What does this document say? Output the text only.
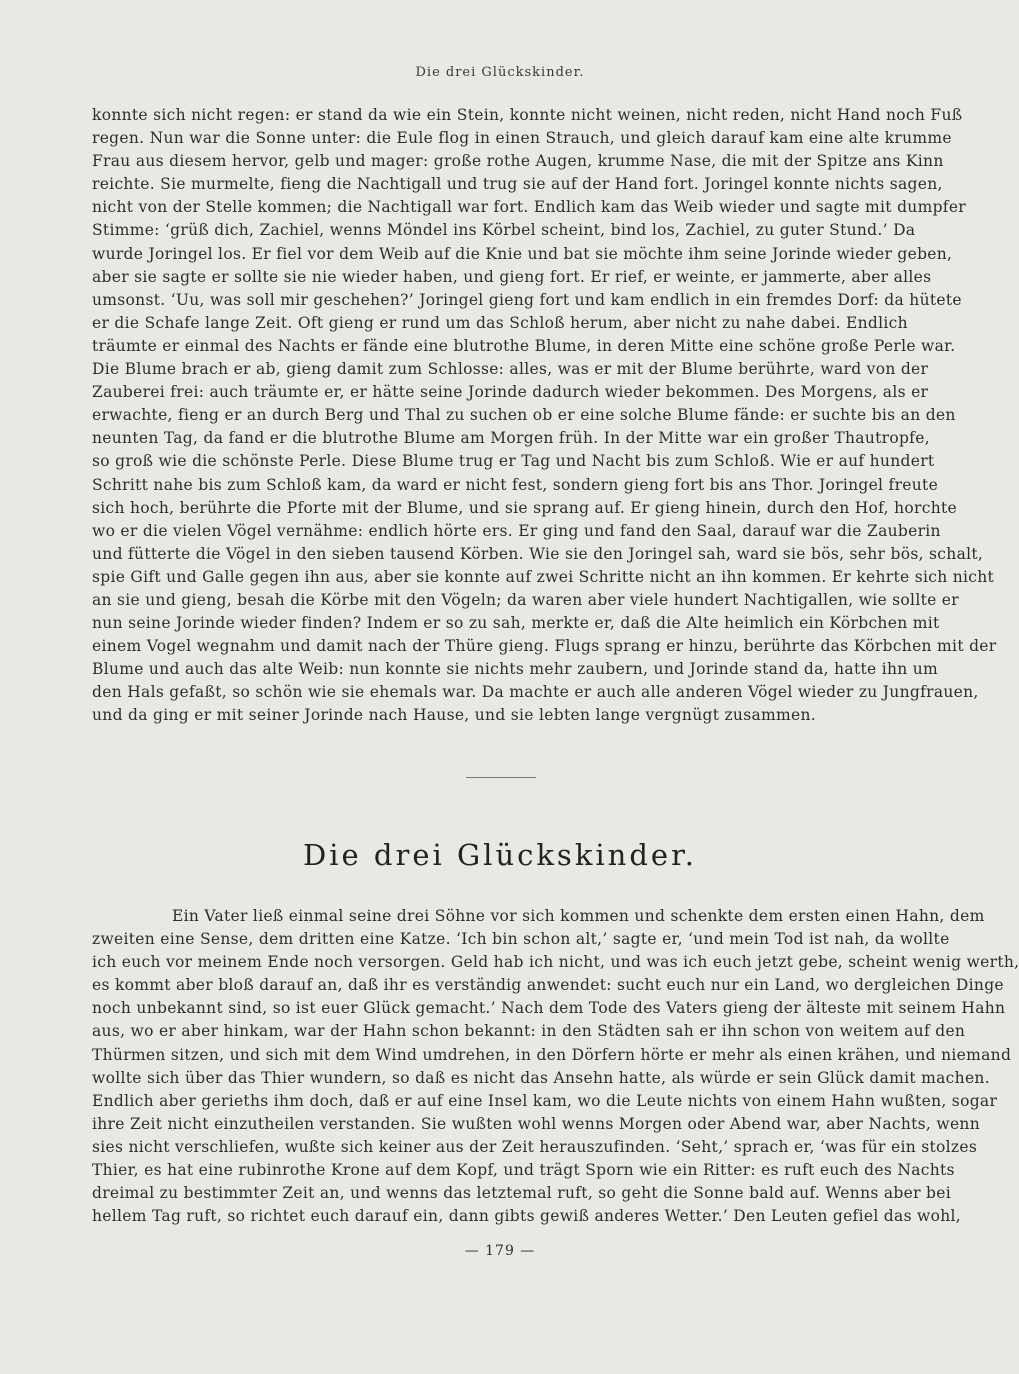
Die drei Glückskinder.
konnte sich nicht regen: er stand da wie ein Stein, konnte nicht weinen, nicht reden, nicht Hand noch Fuß
regen. Nun war die Sonne unter: die Eule flog in einen Strauch, und gleich darauf kam eine alte krumme
Frau aus diesem hervor, gelb und mager: große rothe Augen, krumme Nase, die mit der Spitze ans Kinn
reichte. Sie murmelte, fieng die Nachtigall und trug sie auf der Hand fort. Joringel konnte nichts sagen,
nicht von der Stelle kommen; die Nachtigall war fort. Endlich kam das Weib wieder und sagte mit dumpfer
Stimme: ‘grüß dich, Zachiel, wenns Möndel ins Körbel scheint, bind los, Zachiel, zu guter Stund.’ Da
wurde Joringel los. Er fiel vor dem Weib auf die Knie und bat sie möchte ihm seine Jorinde wieder geben,
aber sie sagte er sollte sie nie wieder haben, und gieng fort. Er rief, er weinte, er jammerte, aber alles
umsonst. ‘Uu, was soll mir geschehen?’ Joringel gieng fort und kam endlich in ein fremdes Dorf: da hütete
er die Schafe lange Zeit. Oft gieng er rund um das Schloß herum, aber nicht zu nahe dabei. Endlich
träumte er einmal des Nachts er fände eine blutrothe Blume, in deren Mitte eine schöne große Perle war.
Die Blume brach er ab, gieng damit zum Schlosse: alles, was er mit der Blume berührte, ward von der
Zauberei frei: auch träumte er, er hätte seine Jorinde dadurch wieder bekommen. Des Morgens, als er
erwachte, fieng er an durch Berg und Thal zu suchen ob er eine solche Blume fände: er suchte bis an den
neunten Tag, da fand er die blutrothe Blume am Morgen früh. In der Mitte war ein großer Thautropfe,
so groß wie die schönste Perle. Diese Blume trug er Tag und Nacht bis zum Schloß. Wie er auf hundert
Schritt nahe bis zum Schloß kam, da ward er nicht fest, sondern gieng fort bis ans Thor. Joringel freute
sich hoch, berührte die Pforte mit der Blume, und sie sprang auf. Er gieng hinein, durch den Hof, horchte
wo er die vielen Vögel vernähme: endlich hörte ers. Er ging und fand den Saal, darauf war die Zauberin
und fütterte die Vögel in den sieben tausend Körben. Wie sie den Joringel sah, ward sie bös, sehr bös, schalt,
spie Gift und Galle gegen ihn aus, aber sie konnte auf zwei Schritte nicht an ihn kommen. Er kehrte sich nicht
an sie und gieng, besah die Körbe mit den Vögeln; da waren aber viele hundert Nachtigallen, wie sollte er
nun seine Jorinde wieder finden? Indem er so zu sah, merkte er, daß die Alte heimlich ein Körbchen mit
einem Vogel wegnahm und damit nach der Thüre gieng. Flugs sprang er hinzu, berührte das Körbchen mit der
Blume und auch das alte Weib: nun konnte sie nichts mehr zaubern, und Jorinde stand da, hatte ihn um
den Hals gefaßt, so schön wie sie ehemals war. Da machte er auch alle anderen Vögel wieder zu Jungfrauen,
und da ging er mit seiner Jorinde nach Hause, und sie lebten lange vergnügt zusammen.
Die drei Glückskinder.
Ein Vater ließ einmal seine drei Söhne vor sich kommen und schenkte dem ersten einen Hahn, dem
zweiten eine Sense, dem dritten eine Katze. ‘Ich bin schon alt,’ sagte er, ‘und mein Tod ist nah, da wollte
ich euch vor meinem Ende noch versorgen. Geld hab ich nicht, und was ich euch jetzt gebe, scheint wenig werth,
es kommt aber bloß darauf an, daß ihr es verständig anwendet: sucht euch nur ein Land, wo dergleichen Dinge
noch unbekannt sind, so ist euer Glück gemacht.’ Nach dem Tode des Vaters gieng der älteste mit seinem Hahn
aus, wo er aber hinkam, war der Hahn schon bekannt: in den Städten sah er ihn schon von weitem auf den
Thürmen sitzen, und sich mit dem Wind umdrehen, in den Dörfern hörte er mehr als einen krähen, und niemand
wollte sich über das Thier wundern, so daß es nicht das Ansehn hatte, als würde er sein Glück damit machen.
Endlich aber gerieths ihm doch, daß er auf eine Insel kam, wo die Leute nichts von einem Hahn wußten, sogar
ihre Zeit nicht einzutheilen verstanden. Sie wußten wohl wenns Morgen oder Abend war, aber Nachts, wenn
sies nicht verschliefen, wußte sich keiner aus der Zeit herauszufinden. ‘Seht,’ sprach er, ‘was für ein stolzes
Thier, es hat eine rubinrothe Krone auf dem Kopf, und trägt Sporn wie ein Ritter: es ruft euch des Nachts
dreimal zu bestimmter Zeit an, und wenns das letztemal ruft, so geht die Sonne bald auf. Wenns aber bei
hellem Tag ruft, so richtet euch darauf ein, dann gibts gewiß anderes Wetter.’ Den Leuten gefiel das wohl,
— 179 —
